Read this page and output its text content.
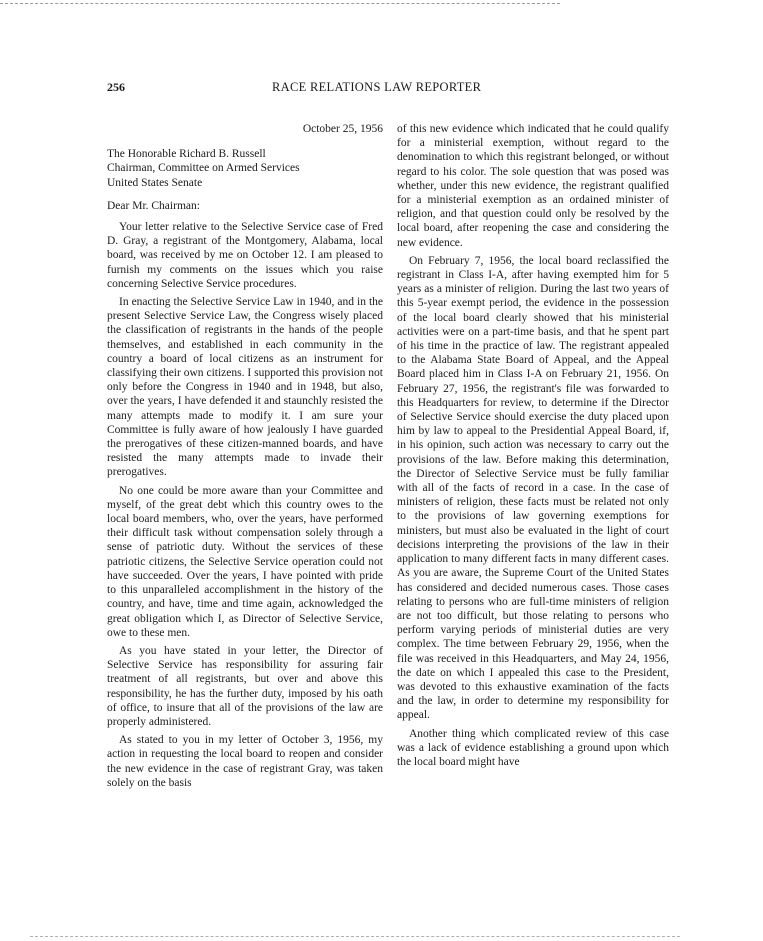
256	RACE RELATIONS LAW REPORTER

October 25, 1956

The Honorable Richard B. Russell

Chairman, Committee on Armed Services

United States Senate

Dear Mr. Chairman:

Your letter relative to the Selective Service case of Fred D. Gray, a registrant of the Montgomery, Alabama, local board, was received by me on October 12. I am pleased to furnish my comments on the issues which you raise concerning Selective Service procedures.

In enacting the Selective Service Law in 1940, and in the present Selective Service Law, the Congress wisely placed the classification of registrants in the hands of the people themselves, and established in each community in the country a board of local citizens as an instrument for classifying their own citizens. I supported this provision not only before the Congress in 1940 and in 1948, but also, over the years, I have defended it and staunchly resisted the many attempts made to modify it. I am sure your Committee is fully aware of how jealously I have guarded the prerogatives of these citizen-manned boards, and have resisted the many attempts made to invade their prerogatives.

No one could be more aware than your Committee and myself, of the great debt which this country owes to the local board members, who, over the years, have performed their difficult task without compensation solely through a sense of patriotic duty. Without the services of these patriotic citizens, the Selective Service operation could not have succeeded. Over the years, I have pointed with pride to this unparalleled accomplishment in the history of the country, and have, time and time again, acknowledged the great obligation which I, as Director of Selective Service, owe to these men.

As you have stated in your letter, the Director of Selective Service has responsibility for assuring fair treatment of all registrants, but over and above this responsibility, he has the further duty, imposed by his oath of office, to insure that all of the provisions of the law are properly administered.

As stated to you in my letter of October 3, 1956, my action in requesting the local board to reopen and consider the new evidence in the case of registrant Gray, was taken solely on the basis

of this new evidence which indicated that he could qualify for a ministerial exemption, without regard to the denomination to which this registrant belonged, or without regard to his color. The sole question that was posed was whether, under this new evidence, the registrant qualified for a ministerial exemption as an ordained minister of religion, and that question could only be resolved by the local board, after reopening the case and considering the new evidence.

On February 7, 1956, the local board reclassified the registrant in Class I-A, after having exempted him for 5 years as a minister of religion. During the last two years of this 5-year exempt period, the evidence in the possession of the local board clearly showed that his ministerial activities were on a part-time basis, and that he spent part of his time in the practice of law. The registrant appealed to the Alabama State Board of Appeal, and the Appeal Board placed him in Class I-A on February 21, 1956. On February 27, 1956, the registrant's file was forwarded to this Headquarters for review, to determine if the Director of Selective Service should exercise the duty placed upon him by law to appeal to the Presidential Appeal Board, if, in his opinion, such action was necessary to carry out the provisions of the law. Before making this determination, the Director of Selective Service must be fully familiar with all of the facts of record in a case. In the case of ministers of religion, these facts must be related not only to the provisions of law governing exemptions for ministers, but must also be evaluated in the light of court decisions interpreting the provisions of the law in their application to many different facts in many different cases. As you are aware, the Supreme Court of the United States has considered and decided numerous cases. Those cases relating to persons who are full-time ministers of religion are not too difficult, but those relating to persons who perform varying periods of ministerial duties are very complex. The time between February 29, 1956, when the file was received in this Headquarters, and May 24, 1956, the date on which I appealed this case to the President, was devoted to this exhaustive examination of the facts and the law, in order to determine my responsibility for appeal.

Another thing which complicated review of this case was a lack of evidence establishing a ground upon which the local board might have
